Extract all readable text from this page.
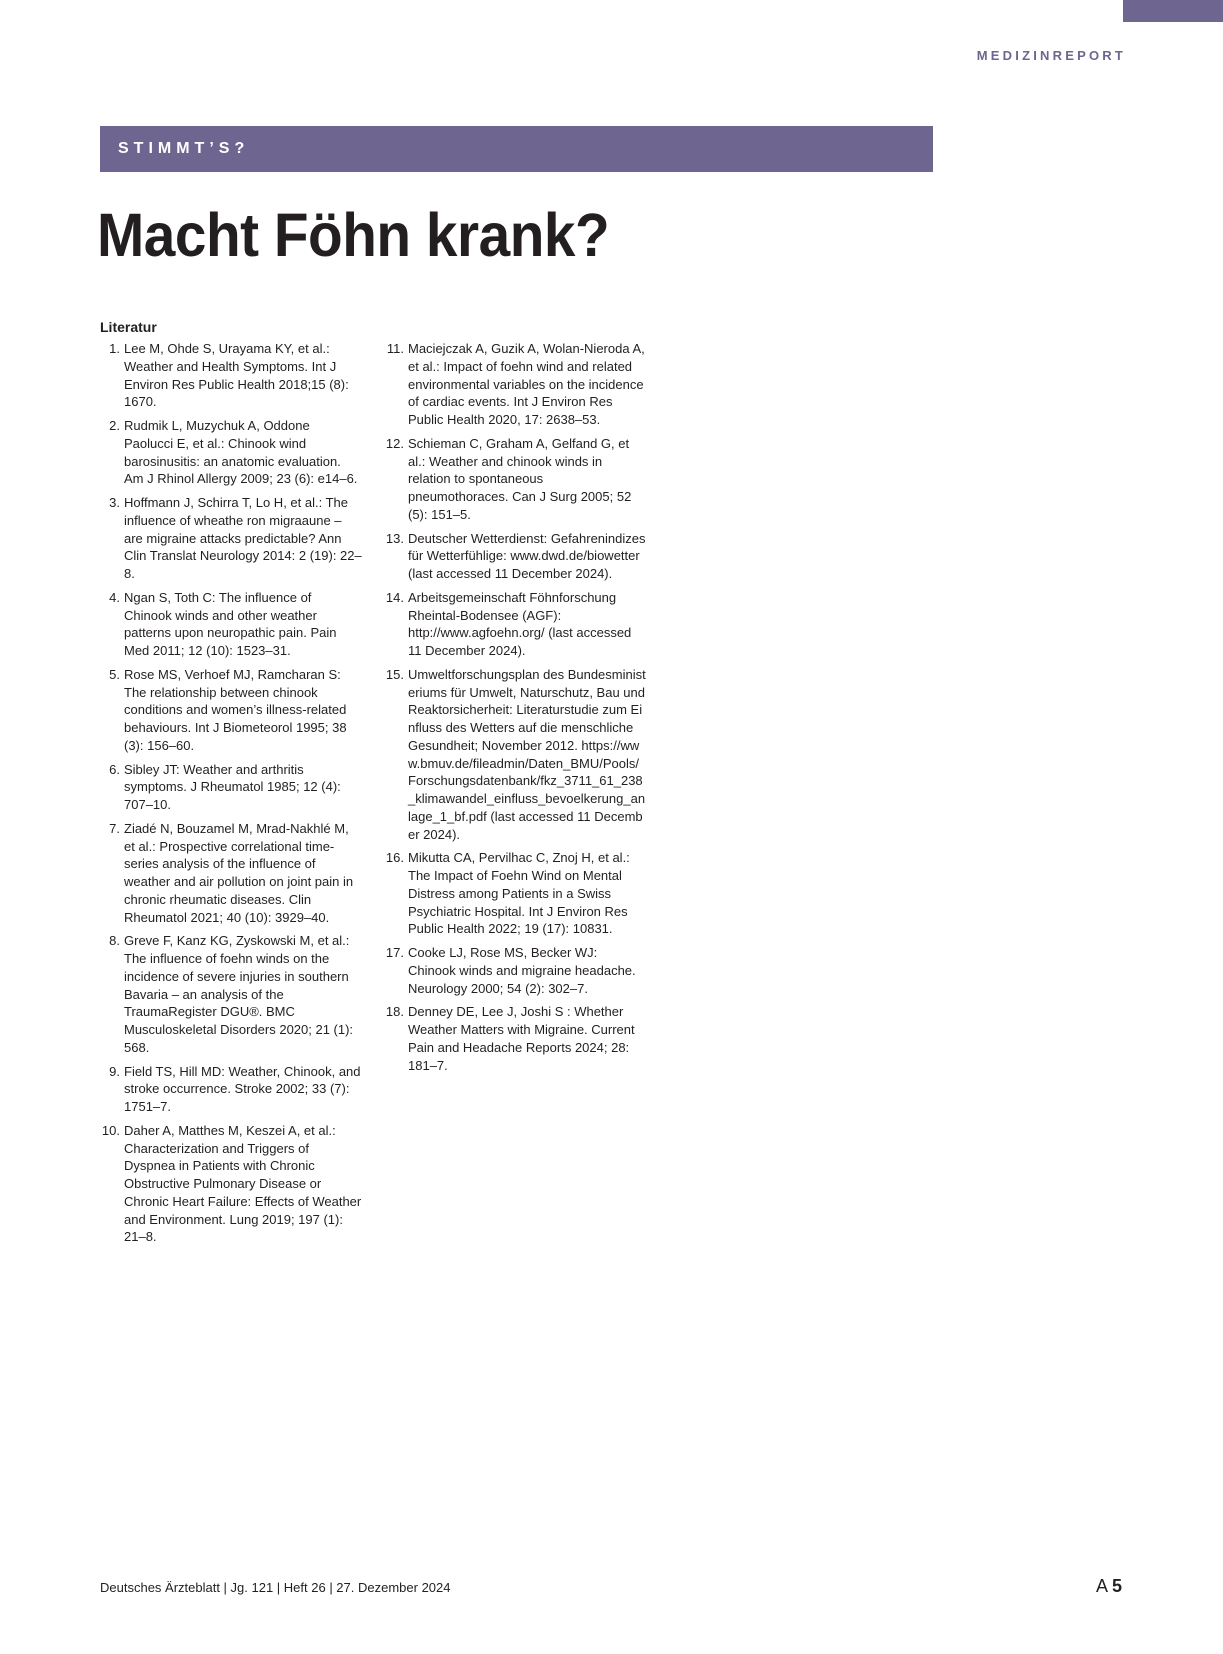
MEDIZINREPORT
STIMMT’S?
Macht Föhn krank?
Literatur
1. Lee M, Ohde S, Urayama KY, et al.: Weather and Health Symptoms. Int J Environ Res Public Health 2018;15 (8): 1670.
2. Rudmik L, Muzychuk A, Oddone Paolucci E, et al.: Chinook wind barosinusitis: an anatomic evaluation. Am J Rhinol Allergy 2009; 23 (6): e14–6.
3. Hoffmann J, Schirra T, Lo H, et al.: The influence of wheathe ron migraaune – are migraine attacks predictable? Ann Clin Translat Neurology 2014: 2 (19): 22–8.
4. Ngan S, Toth C: The influence of Chinook winds and other weather patterns upon neuropathic pain. Pain Med 2011; 12 (10): 1523–31.
5. Rose MS, Verhoef MJ, Ramcharan S: The relationship between chinook conditions and women’s illness-related behaviours. Int J Biometeorol 1995; 38 (3): 156–60.
6. Sibley JT: Weather and arthritis symptoms. J Rheumatol 1985; 12 (4): 707–10.
7. Ziadé N, Bouzamel M, Mrad-Nakhlé M, et al.: Prospective correlational time-series analysis of the influence of weather and air pollution on joint pain in chronic rheumatic diseases. Clin Rheumatol 2021; 40 (10): 3929–40.
8. Greve F, Kanz KG, Zyskowski M, et al.: The influence of foehn winds on the incidence of severe injuries in southern Bavaria – an analysis of the TraumaRegister DGU®. BMC Musculoskeletal Disorders 2020; 21 (1): 568.
9. Field TS, Hill MD: Weather, Chinook, and stroke occurrence. Stroke 2002; 33 (7): 1751–7.
10. Daher A, Matthes M, Keszei A, et al.: Characterization and Triggers of Dyspnea in Patients with Chronic Obstructive Pulmonary Disease or Chronic Heart Failure: Effects of Weather and Environment. Lung 2019; 197 (1): 21–8.
11. Maciejczak A, Guzik A, Wolan-Nieroda A, et al.: Impact of foehn wind and related environmental variables on the incidence of cardiac events. Int J Environ Res Public Health 2020, 17: 2638–53.
12. Schieman C, Graham A, Gelfand G, et al.: Weather and chinook winds in relation to spontaneous pneumothoraces. Can J Surg 2005; 52 (5): 151–5.
13. Deutscher Wetterdienst: Gefahrenindizes für Wetterfühlige: www.dwd.de/biowetter (last accessed 11 December 2024).
14. Arbeitsgemeinschaft Föhnforschung Rheintal-Bodensee (AGF): http://www.agfoehn.org/ (last accessed 11 December 2024).
15. Umweltforschungsplan des Bundesministeriums für Umwelt, Naturschutz, Bau und Reaktorsicherheit: Literaturstudie zum Einfluss des Wetters auf die menschliche Gesundheit; November 2012. https://www.bmuv.de/fileadmin/Daten_BMU/Pools/Forschungsdatenbank/fkz_3711_61_238_klimawandel_einfluss_bevoelkerung_anlage_1_bf.pdf (last accessed 11 December 2024).
16. Mikutta CA, Pervilhac C, Znoj H, et al.: The Impact of Foehn Wind on Mental Distress among Patients in a Swiss Psychiatric Hospital. Int J Environ Res Public Health 2022; 19 (17): 10831.
17. Cooke LJ, Rose MS, Becker WJ: Chinook winds and migraine headache. Neurology 2000; 54 (2): 302–7.
18. Denney DE, Lee J, Joshi S : Whether Weather Matters with Migraine. Current Pain and Headache Reports 2024; 28: 181–7.
Deutsches Ärzteblatt | Jg. 121 | Heft 26 | 27. Dezember 2024	A 5
